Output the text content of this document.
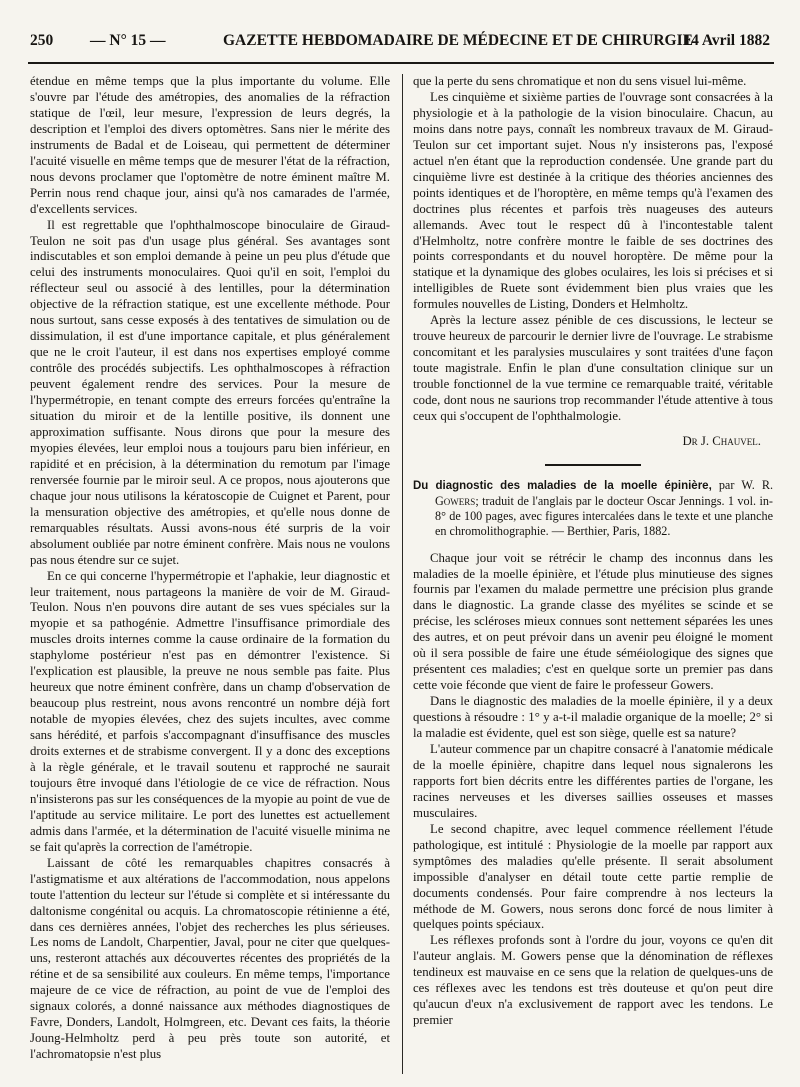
250 — N° 15 —	GAZETTE HEBDOMADAIRE DE MÉDECINE ET DE CHIRURGIE
14 Avril 1882

étendue en même temps que la plus importante du volume. Elle s'ouvre par l'étude des amétropies, des anomalies de la réfraction statique de l'œil, leur mesure, l'expression de leurs degrés, la description et l'emploi des divers optomètres. Sans nier le mérite des instruments de Badal et de Loiseau, qui permettent de déterminer l'acuité visuelle en même temps que de mesurer l'état de la réfraction, nous devons proclamer que l'optomètre de notre éminent maître M. Perrin nous rend chaque jour, ainsi qu'à nos camarades de l'armée, d'excellents services.

Il est regrettable que l'ophthalmoscope binoculaire de Giraud-Teulon ne soit pas d'un usage plus général. Ses avantages sont indiscutables et son emploi demande à peine un peu plus d'étude que celui des instruments monoculaires. Quoi qu'il en soit, l'emploi du réflecteur seul ou associé à des lentilles, pour la détermination objective de la réfraction statique, est une excellente méthode. Pour nous surtout, sans cesse exposés à des tentatives de simulation ou de dissimulation, il est d'une importance capitale, et plus généralement que ne le croit l'auteur, il est dans nos expertises employé comme contrôle des procédés subjectifs. Les ophthalmoscopes à réfraction peuvent également rendre des services. Pour la mesure de l'hypermétropie, en tenant compte des erreurs forcées qu'entraîne la situation du miroir et de la lentille positive, ils donnent une approximation suffisante. Nous dirons que pour la mesure des myopies élevées, leur emploi nous a toujours paru bien inférieur, en rapidité et en précision, à la détermination du remotum par l'image renversée fournie par le miroir seul. A ce propos, nous ajouterons que chaque jour nous utilisons la kératoscopie de Cuignet et Parent, pour la mensuration objective des amétropies, et qu'elle nous donne de remarquables résultats. Aussi avons-nous été surpris de la voir absolument oubliée par notre éminent confrère. Mais nous ne voulons pas nous étendre sur ce sujet.

En ce qui concerne l'hypermétropie et l'aphakie, leur diagnostic et leur traitement, nous partageons la manière de voir de M. Giraud-Teulon. Nous n'en pouvons dire autant de ses vues spéciales sur la myopie et sa pathogénie. Admettre l'insuffisance primordiale des muscles droits internes comme la cause ordinaire de la formation du staphylome postérieur n'est pas en démontrer l'existence. Si l'explication est plausible, la preuve ne nous semble pas faite. Plus heureux que notre éminent confrère, dans un champ d'observation de beaucoup plus restreint, nous avons rencontré un nombre déjà fort notable de myopies élevées, chez des sujets incultes, avec comme sans hérédité, et parfois s'accompagnant d'insuffisance des muscles droits externes et de strabisme convergent. Il y a donc des exceptions à la règle générale, et le travail soutenu et rapproché ne saurait toujours être invoqué dans l'étiologie de ce vice de réfraction. Nous n'insisterons pas sur les conséquences de la myopie au point de vue de l'aptitude au service militaire. Le port des lunettes est actuellement admis dans l'armée, et la détermination de l'acuité visuelle minima ne se fait qu'après la correction de l'amétropie.

Laissant de côté les remarquables chapitres consacrés à l'astigmatisme et aux altérations de l'accommodation, nous appelons toute l'attention du lecteur sur l'étude si complète et si intéressante du daltonisme congénital ou acquis. La chromatoscopie rétinienne a été, dans ces dernières années, l'objet des recherches les plus sérieuses. Les noms de Landolt, Charpentier, Javal, pour ne citer que quelques-uns, resteront attachés aux découvertes récentes des propriétés de la rétine et de sa sensibilité aux couleurs. En même temps, l'importance majeure de ce vice de réfraction, au point de vue de l'emploi des signaux colorés, a donné naissance aux méthodes diagnostiques de Favre, Donders, Landolt, Holmgreen, etc. Devant ces faits, la théorie Joung-Helmholtz perd à peu près toute son autorité, et l'achromatopsie n'est plus

que la perte du sens chromatique et non du sens visuel lui-même.

Les cinquième et sixième parties de l'ouvrage sont consacrées à la physiologie et à la pathologie de la vision binoculaire. Chacun, au moins dans notre pays, connaît les nombreux travaux de M. Giraud-Teulon sur cet important sujet. Nous n'y insisterons pas, l'exposé actuel n'en étant que la reproduction condensée. Une grande part du cinquième livre est destinée à la critique des théories anciennes des points identiques et de l'horoptère, en même temps qu'à l'examen des doctrines plus récentes et parfois très nuageuses des auteurs allemands. Avec tout le respect dû à l'incontestable talent d'Helmholtz, notre confrère montre le faible de ses doctrines des points correspondants et du nouvel horoptère. De même pour la statique et la dynamique des globes oculaires, les lois si précises et si intelligibles de Ruete sont évidemment bien plus vraies que les formules nouvelles de Listing, Donders et Helmholtz.

Après la lecture assez pénible de ces discussions, le lecteur se trouve heureux de parcourir le dernier livre de l'ouvrage. Le strabisme concomitant et les paralysies musculaires y sont traitées d'une façon toute magistrale. Enfin le plan d'une consultation clinique sur un trouble fonctionnel de la vue termine ce remarquable traité, véritable code, dont nous ne saurions trop recommander l'étude attentive à tous ceux qui s'occupent de l'ophthalmologie.

Dr J. Chauvel.
Du diagnostic des maladies de la moelle épinière, par W. R. Gowers; traduit de l'anglais par le docteur Oscar Jennings. 1 vol. in-8° de 100 pages, avec figures intercalées dans le texte et une planche en chromolithographie. — Berthier, Paris, 1882.

Chaque jour voit se rétrécir le champ des inconnus dans les maladies de la moelle épinière, et l'étude plus minutieuse des signes fournis par l'examen du malade permettre une précision plus grande dans le diagnostic. La grande classe des myélites se scinde et se précise, les scléroses mieux connues sont nettement séparées les unes des autres, et on peut prévoir dans un avenir peu éloigné le moment où il sera possible de faire une étude séméiologique des signes que présentent ces maladies; c'est en quelque sorte un premier pas dans cette voie féconde que vient de faire le professeur Gowers.

Dans le diagnostic des maladies de la moelle épinière, il y a deux questions à résoudre : 1° y a-t-il maladie organique de la moelle; 2° si la maladie est évidente, quel est son siège, quelle est sa nature?

L'auteur commence par un chapitre consacré à l'anatomie médicale de la moelle épinière, chapitre dans lequel nous signalerons les rapports fort bien décrits entre les différentes parties de l'organe, les racines nerveuses et les diverses saillies osseuses et masses musculaires.

Le second chapitre, avec lequel commence réellement l'étude pathologique, est intitulé : Physiologie de la moelle par rapport aux symptômes des maladies qu'elle présente. Il serait absolument impossible d'analyser en détail toute cette partie remplie de documents condensés. Pour faire comprendre à nos lecteurs la méthode de M. Gowers, nous serons donc forcé de nous limiter à quelques points spéciaux.

Les réflexes profonds sont à l'ordre du jour, voyons ce qu'en dit l'auteur anglais. M. Gowers pense que la dénomination de réflexes tendineux est mauvaise en ce sens que la relation de quelques-uns de ces réflexes avec les tendons est très douteuse et qu'on peut dire qu'aucun d'eux n'a exclusivement de rapport avec les tendons. Le premier
